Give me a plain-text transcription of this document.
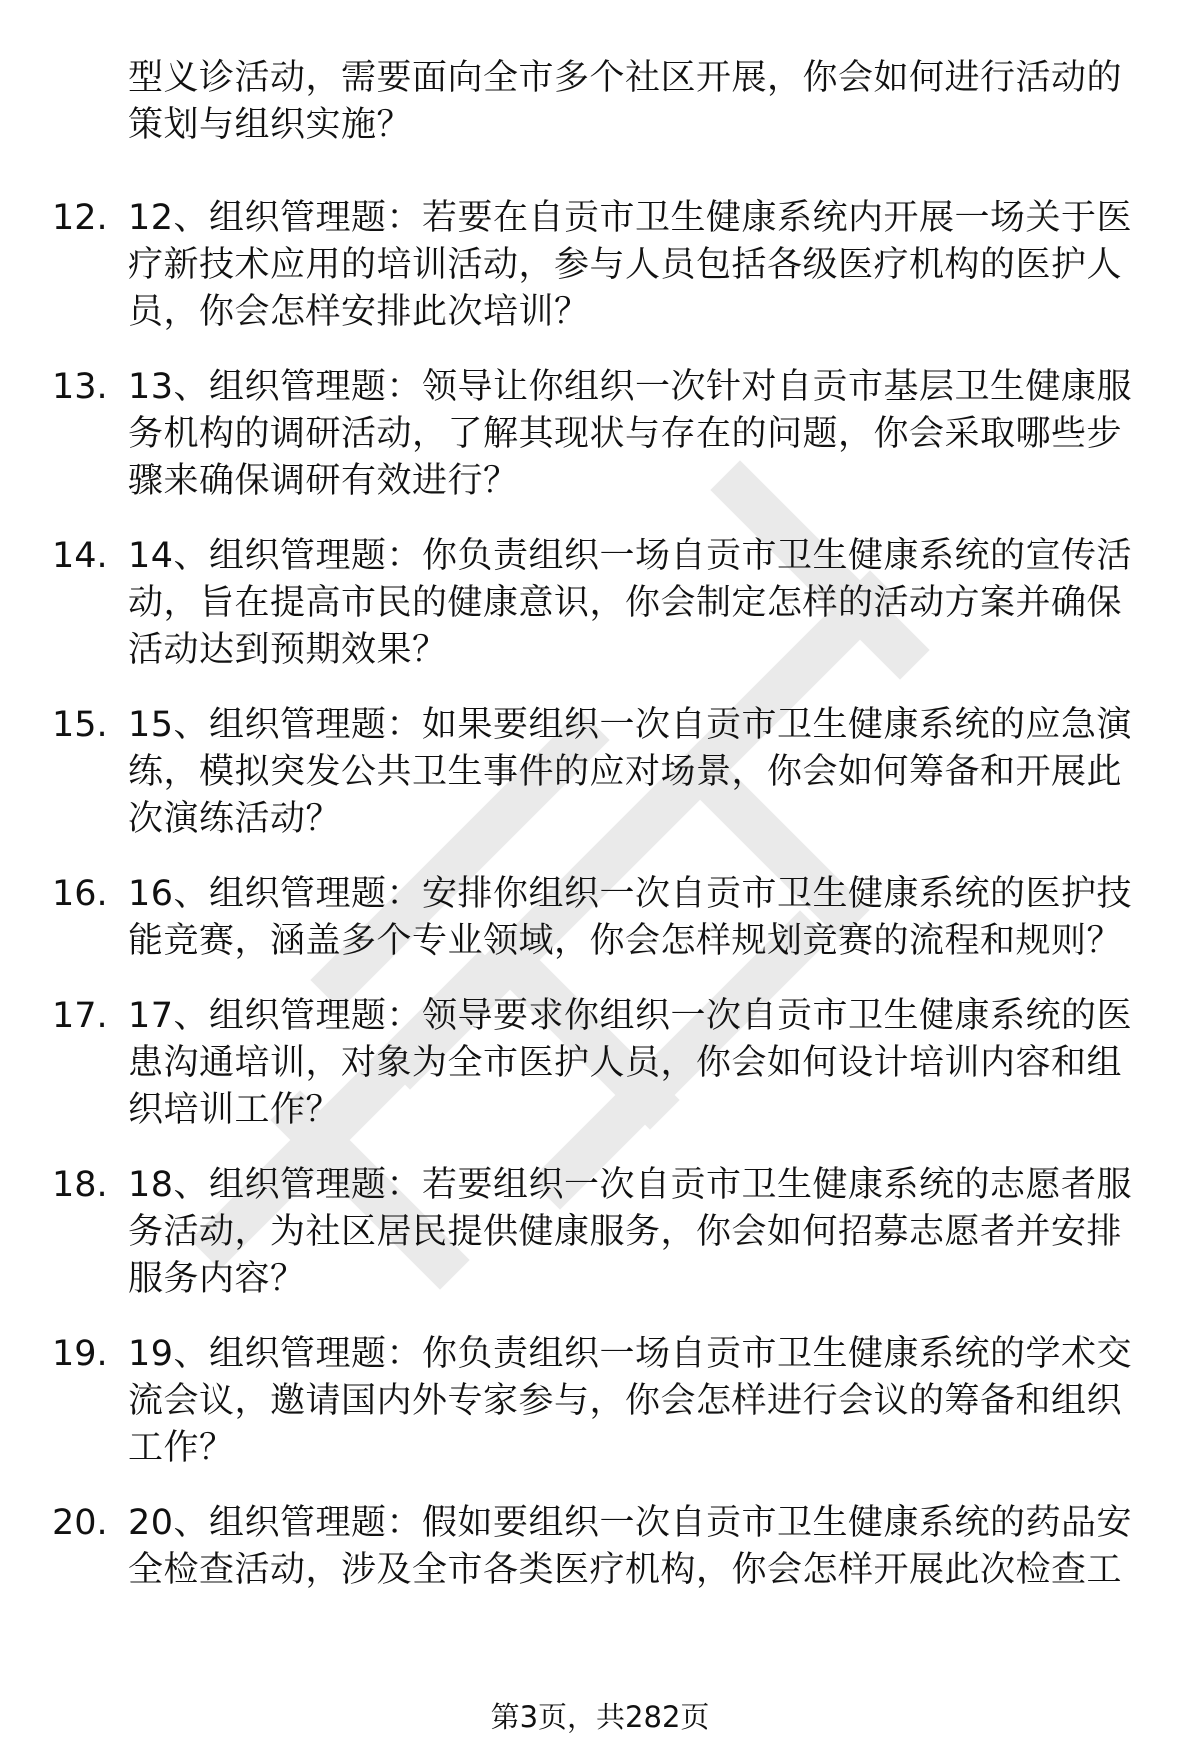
型义诊活动，需要面向全市多个社区开展，你会如何进行活动的策划与组织实施？
12. 12、组织管理题：若要在自贡市卫生健康系统内开展一场关于医疗新技术应用的培训活动，参与人员包括各级医疗机构的医护人员，你会怎样安排此次培训？
13. 13、组织管理题：领导让你组织一次针对自贡市基层卫生健康服务机构的调研活动，了解其现状与存在的问题，你会采取哪些步骤来确保调研有效进行？
14. 14、组织管理题：你负责组织一场自贡市卫生健康系统的宣传活动，旨在提高市民的健康意识，你会制定怎样的活动方案并确保活动达到预期效果？
15. 15、组织管理题：如果要组织一次自贡市卫生健康系统的应急演练，模拟突发公共卫生事件的应对场景，你会如何筹备和开展此次演练活动？
16. 16、组织管理题：安排你组织一次自贡市卫生健康系统的医护技能竞赛，涵盖多个专业领域，你会怎样规划竞赛的流程和规则？
17. 17、组织管理题：领导要求你组织一次自贡市卫生健康系统的医患沟通培训，对象为全市医护人员，你会如何设计培训内容和组织培训工作？
18. 18、组织管理题：若要组织一次自贡市卫生健康系统的志愿者服务活动，为社区居民提供健康服务，你会如何招募志愿者并安排服务内容？
19. 19、组织管理题：你负责组织一场自贡市卫生健康系统的学术交流会议，邀请国内外专家参与，你会怎样进行会议的筹备和组织工作？
20. 20、组织管理题：假如要组织一次自贡市卫生健康系统的药品安全检查活动，涉及全市各类医疗机构，你会怎样开展此次检查工
第3页，共282页
